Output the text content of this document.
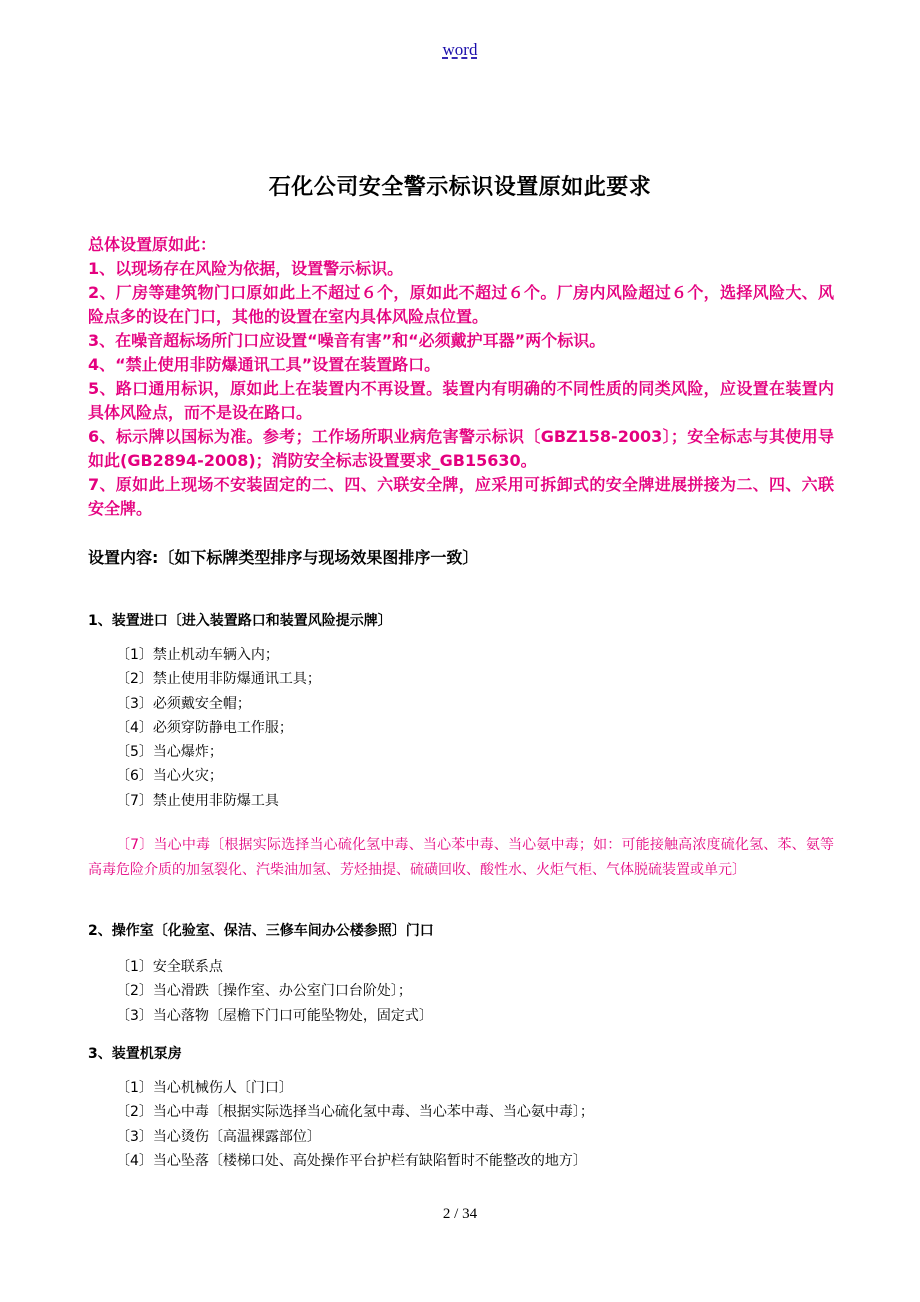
word
石化公司安全警示标识设置原如此要求

总体设置原如此：

1、以现场存在风险为依据，设置警示标识。

2、厂房等建筑物门口原如此上不超过６个，原如此不超过６个。厂房内风险超过６个，选择风险大、风险点多的设在门口，其他的设置在室内具体风险点位置。

3、在噪音超标场所门口应设置“噪音有害”和“必须戴护耳器”两个标识。

4、“禁止使用非防爆通讯工具”设置在装置路口。

5、路口通用标识，原如此上在装置内不再设置。装置内有明确的不同性质的同类风险，应设置在装置内具体风险点，而不是设在路口。

6、标示牌以国标为准。参考；工作场所职业病危害警示标识〔GBZ158-2003〕；安全标志与其使用导如此(GB2894-2008)；消防安全标志设置要求_GB15630。

7、原如此上现场不安装固定的二、四、六联安全牌，应采用可拆卸式的安全牌进展拼接为二、四、六联安全牌。

设置内容:〔如下标牌类型排序与现场效果图排序一致〕

1、装置进口〔进入装置路口和装置风险提示牌〕

〔1〕禁止机动车辆入内；
〔2〕禁止使用非防爆通讯工具；
〔3〕必须戴安全帽；
〔4〕必须穿防静电工作服；
〔5〕当心爆炸；
〔6〕当心火灾；
〔7〕禁止使用非防爆工具

〔7〕当心中毒〔根据实际选择当心硫化氢中毒、当心苯中毒、当心氨中毒；如：可能接触高浓度硫化氢、苯、氨等高毒危险介质的加氢裂化、汽柴油加氢、芳烃抽提、硫磺回收、酸性水、火炬气柜、气体脱硫装置或单元〕

2、操作室〔化验室、保洁、三修车间办公楼参照〕门口

〔1〕安全联系点
〔2〕当心滑跌〔操作室、办公室门口台阶处〕；
〔3〕当心落物〔屋檐下门口可能坠物处，固定式〕

3、装置机泵房

〔1〕当心机械伤人〔门口〕
〔2〕当心中毒〔根据实际选择当心硫化氢中毒、当心苯中毒、当心氨中毒〕；
〔3〕当心烫伤〔高温裸露部位〕
〔4〕当心坠落〔楼梯口处、高处操作平台护栏有缺陷暂时不能整改的地方〕
2 / 34
